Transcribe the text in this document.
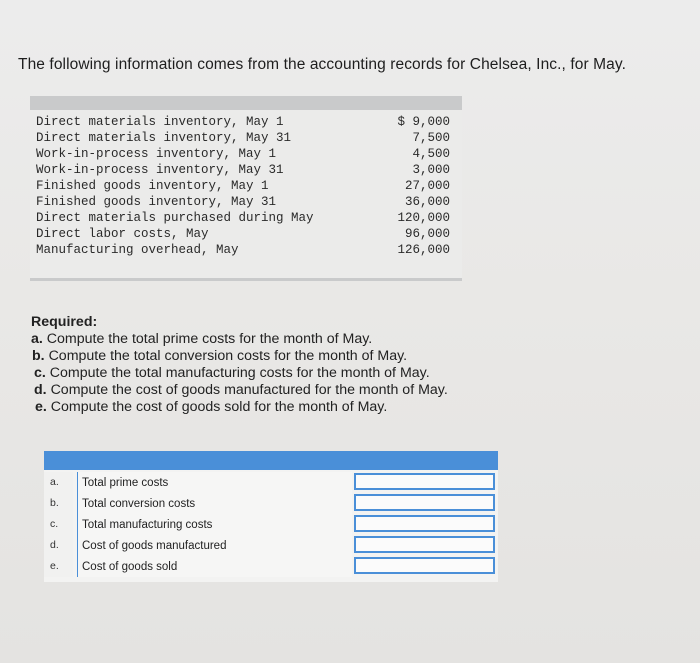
The following information comes from the accounting records for Chelsea, Inc., for May.
Direct materials inventory, May 1	$ 9,000
Direct materials inventory, May 31	7,500
Work-in-process inventory, May 1	4,500
Work-in-process inventory, May 31	3,000
Finished goods inventory, May 1	27,000
Finished goods inventory, May 31	36,000
Direct materials purchased during May	120,000
Direct labor costs, May	96,000
Manufacturing overhead, May	126,000
Required:
a. Compute the total prime costs for the month of May.
b. Compute the total conversion costs for the month of May.
c. Compute the total manufacturing costs for the month of May.
d. Compute the cost of goods manufactured for the month of May.
e. Compute the cost of goods sold for the month of May.
a.	Total prime costs
b.	Total conversion costs
c.	Total manufacturing costs
d.	Cost of goods manufactured
e.	Cost of goods sold
